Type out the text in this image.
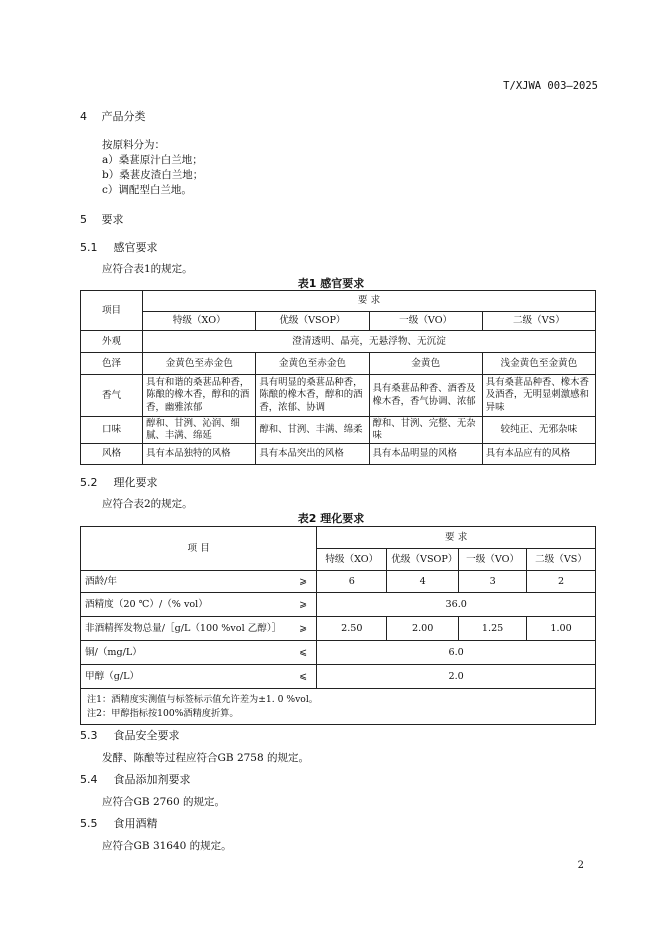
T/XJWA 003—2025
4 产品分类
按原料分为：
a）桑葚原汁白兰地；
b）桑葚皮渣白兰地；
c）调配型白兰地。
5 要求
5.1 感官要求
应符合表1的规定。
表1 感官要求
项目	要 求			
	特级（XO）	优级（VSOP）	一级（VO）	二级（VS）
外观	澄清透明、晶亮，无悬浮物、无沉淀			
色泽	金黄色至赤金色	金黄色至赤金色	金黄色	浅金黄色至金黄色
香气	具有和谐的桑葚品种香，陈酿的橡木香，醇和的酒香，幽雅浓郁	具有明显的桑葚品种香，陈酿的橡木香，醇和的酒香，浓郁、协调	具有桑葚品种香、酒香及橡木香，香气协调、浓郁	具有桑葚品种香、橡木香及酒香，无明显刺激感和异味
口味	醇和、甘洌、沁润、细腻、丰满、绵延	醇和、甘洌、丰满、绵柔	醇和、甘洌、完整、无杂味	较纯正、无邪杂味
风格	具有本品独特的风格	具有本品突出的风格	具有本品明显的风格	具有本品应有的风格
5.2 理化要求
应符合表2的规定。
表2 理化要求
项 目		要 求			
		特级（XO）	优级（VSOP）	一级（VO）	二级（VS）
酒龄/年	⩾	6	4	3	2
酒精度（20 ℃）/（% vol）	⩾	36.0			
非酒精挥发物总量/［g/L（100 %vol 乙醇）］	⩾	2.50	2.00	1.25	1.00
铜/（mg/L）	⩽	6.0			
甲醇（g/L）	⩽	2.0			

注1：酒精度实测值与标签标示值允许差为±1. 0 %vol。
注2：甲醇指标按100%酒精度折算。					
5.3 食品安全要求
发酵、陈酿等过程应符合GB 2758 的规定。
5.4 食品添加剂要求
应符合GB 2760 的规定。
5.5 食用酒精
应符合GB 31640 的规定。
2
